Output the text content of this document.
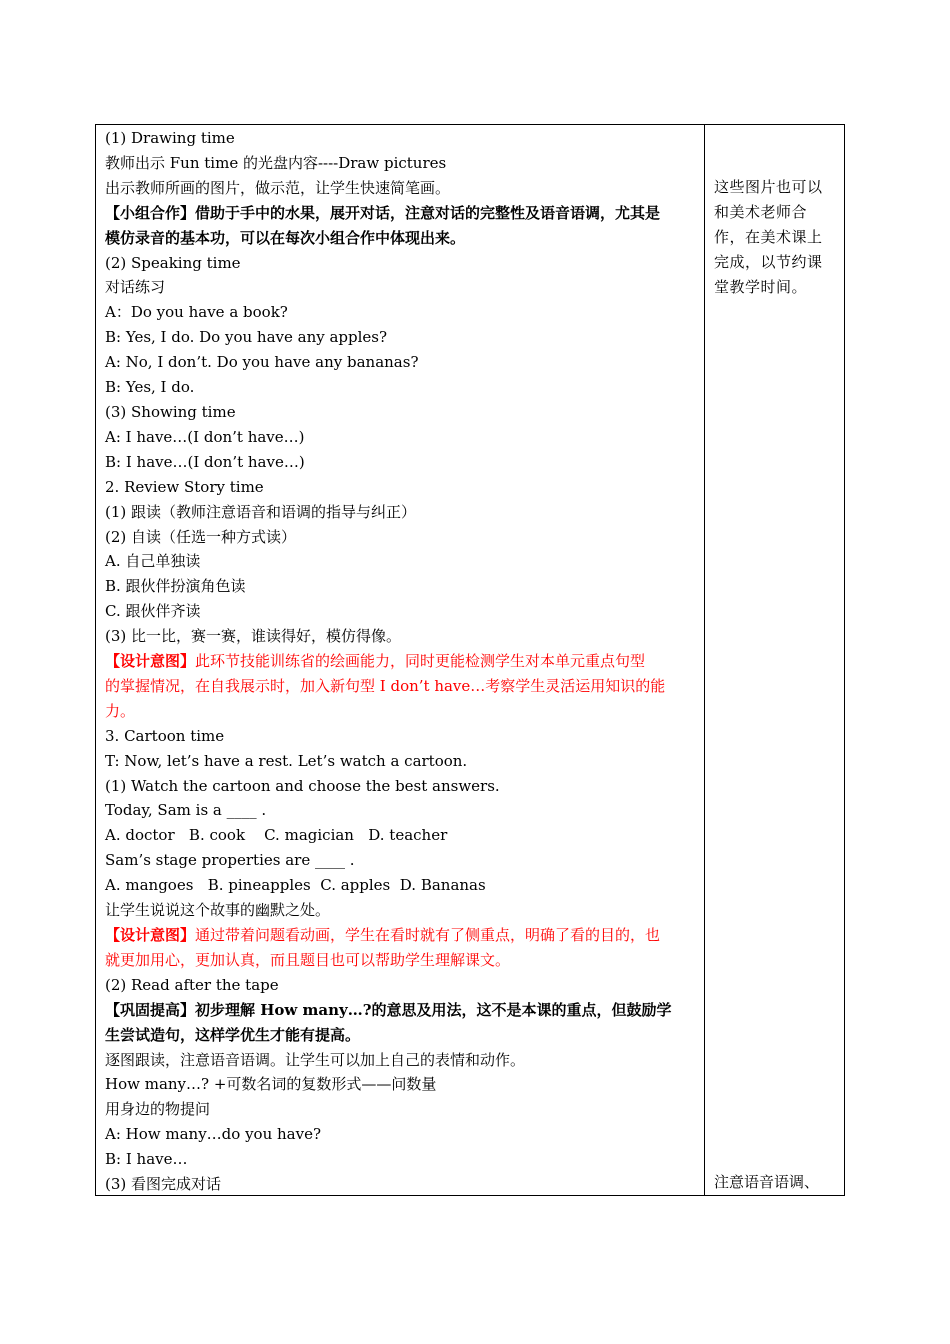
(1) Drawing time

教师出示 Fun time 的光盘内容----Draw pictures

出示教师所画的图片，做示范，让学生快速简笔画。

【小组合作】借助于手中的水果，展开对话，注意对话的完整性及语音语调，尤其是

模仿录音的基本功，可以在每次小组合作中体现出来。

(2) Speaking time

对话练习

A：Do you have a book?

B: Yes, I do. Do you have any apples?

A: No, I don’t. Do you have any bananas?

B: Yes, I do.

(3) Showing time

A: I have…(I don’t have…)

B: I have…(I don’t have…)

2. Review Story time

(1) 跟读（教师注意语音和语调的指导与纠正）

(2) 自读（任选一种方式读）

A. 自己单独读

B. 跟伙伴扮演角色读

C. 跟伙伴齐读

(3) 比一比，赛一赛，谁读得好，模仿得像。

【设计意图】此环节技能训练省的绘画能力，同时更能检测学生对本单元重点句型

的掌握情况，在自我展示时，加入新句型 I don’t have…考察学生灵活运用知识的能

力。

3. Cartoon time

T: Now, let’s have a rest. Let’s watch a cartoon.

(1) Watch the cartoon and choose the best answers.

Today, Sam is a ____ .

A. doctor   B. cook    C. magician   D. teacher

Sam’s stage properties are ____ .

A. mangoes   B. pineapples  C. apples  D. Bananas

让学生说说这个故事的幽默之处。

【设计意图】通过带着问题看动画，学生在看时就有了侧重点，明确了看的目的，也

就更加用心，更加认真，而且题目也可以帮助学生理解课文。

(2) Read after the tape

【巩固提高】初步理解 How many…?的意思及用法，这不是本课的重点，但鼓励学

生尝试造句，这样学优生才能有提高。

逐图跟读，注意语音语调。让学生可以加上自己的表情和动作。

How many…? +可数名词的复数形式——问数量

用身边的物提问

A: How many…do you have?

B: I have…

(3) 看图完成对话

这些图片也可以

和美术老师合

作，在美术课上

完成，以节约课

堂教学时间。

注意语音语调、
